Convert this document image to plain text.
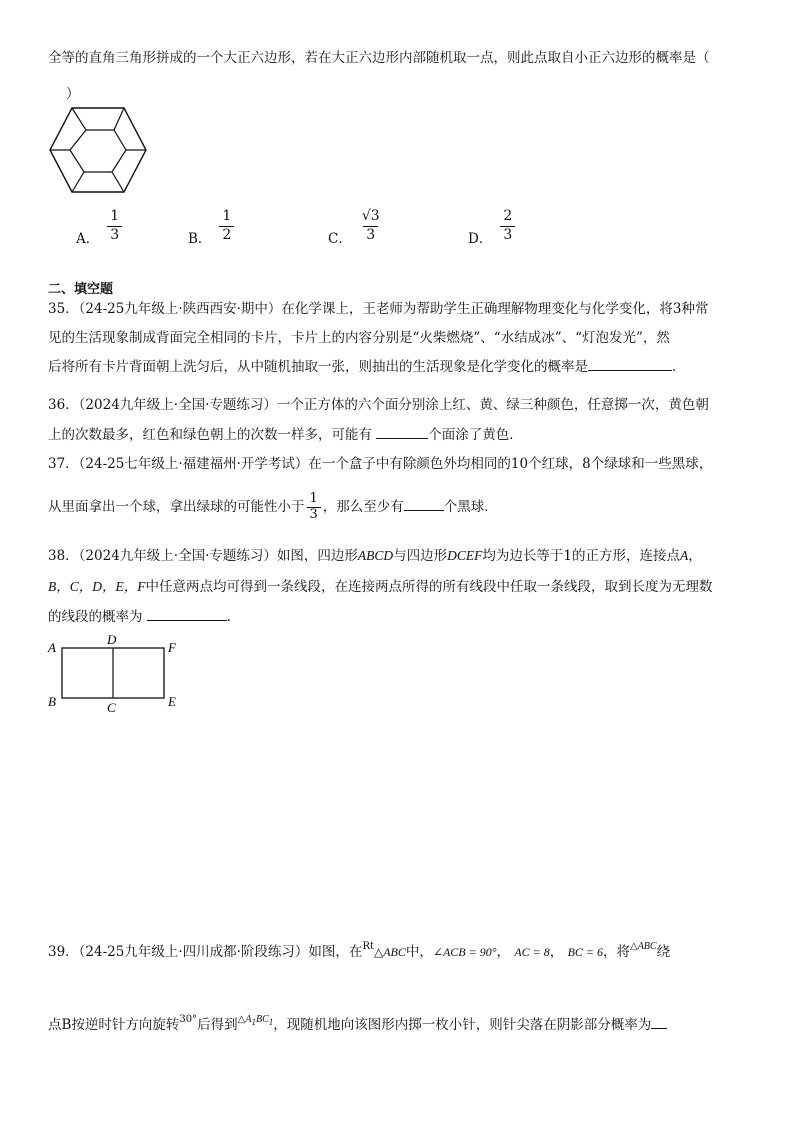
全等的直角三角形拼成的一个大正六边形，若在大正六边形内部随机取一点，则此点取自小正六边形的概率是（
）
A． $\frac{1}{3}$	B． $\frac{1}{2}$	C． $\frac{√3}{3}$	D． $\frac{2}{3}$
二、填空题
35．（24-25九年级上·陕西西安·期中）在化学课上，王老师为帮助学生正确理解物理变化与化学变化，将3种常
见的生活现象制成背面完全相同的卡片，卡片上的内容分别是“火柴燃烧”、“水结成冰”、“灯泡发光”，然
后将所有卡片背面朝上洗匀后，从中随机抽取一张，则抽出的生活现象是化学变化的概率是	．
36．（2024九年级上·全国·专题练习）一个正方体的六个面分别涂上红、黄、绿三种颜色，任意掷一次，黄色朝
上的次数最多，红色和绿色朝上的次数一样多，可能有	个面涂了黄色．
37．（24-25七年级上·福建福州·开学考试）在一个盒子中有除颜色外均相同的10个红球，8个绿球和一些黑球，
从里面拿出一个球，拿出绿球的可能性小于 $\frac{1}{3}$ ，那么至少有	个黑球．
38．（2024九年级上·全国·专题练习）如图，四边形ABCD与四边形DCEF均为边长等于1的正方形，连接点A，
B，C，D，E，F中任意两点均可得到一条线段，在连接两点所得的所有线段中任取一条线段，取到长度为无理数
的线段的概率为	．
A
D
F
B	C	E
39．（24-25九年级上·四川成都·阶段练习）如图，在$^{Rt}$△ABC中，∠ACB = 90°， AC = 8， BC = 6，将$^{\triangle ABC}$绕
点B按逆时针方向旋转$^{30^\circ}$后得到$^{\triangle A1BC1}$，现随机地向该图形内掷一枚小针，则针尖落在阴影部分概率为
